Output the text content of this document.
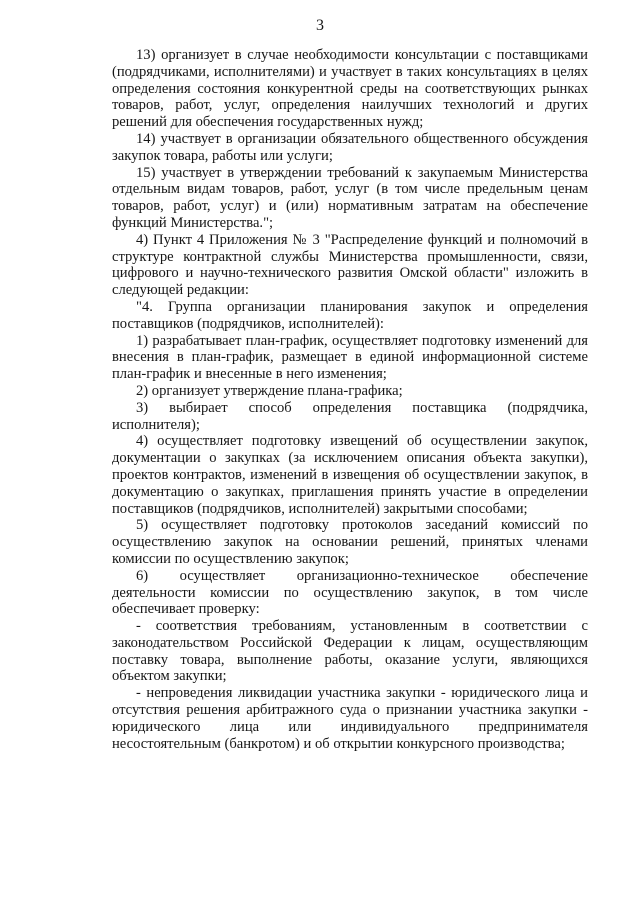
3

13) организует в случае необходимости консультации с поставщиками (подрядчиками, исполнителями) и участвует в таких консультациях в целях определения состояния конкурентной среды на соответствующих рынках товаров, работ, услуг, определения наилучших технологий и других решений для обеспечения государственных нужд;

14) участвует в организации обязательного общественного обсуждения закупок товара, работы или услуги;

15) участвует в утверждении требований к закупаемым Министерства отдельным видам товаров, работ, услуг (в том числе предельным ценам товаров, работ, услуг) и (или) нормативным затратам на обеспечение функций Министерства.";

4) Пункт 4 Приложения № 3 "Распределение функций и полномочий в структуре контрактной службы Министерства промышленности, связи, цифрового и научно-технического развития Омской области" изложить в следующей редакции:

"4. Группа организации планирования закупок и определения поставщиков (подрядчиков, исполнителей):

1) разрабатывает план-график, осуществляет подготовку изменений для внесения в план-график, размещает в единой информационной системе план-график и внесенные в него изменения;

2) организует утверждение плана-графика;

3) выбирает способ определения поставщика (подрядчика, исполнителя);

4) осуществляет подготовку извещений об осуществлении закупок, документации о закупках (за исключением описания объекта закупки), проектов контрактов, изменений в извещения об осуществлении закупок, в документацию о закупках, приглашения принять участие в определении поставщиков (подрядчиков, исполнителей) закрытыми способами;

5) осуществляет подготовку протоколов заседаний комиссий по осуществлению закупок на основании решений, принятых членами комиссии по осуществлению закупок;

6) осуществляет организационно-техническое обеспечение деятельности комиссии по осуществлению закупок, в том числе обеспечивает проверку:

- соответствия требованиям, установленным в соответствии с законодательством Российской Федерации к лицам, осуществляющим поставку товара, выполнение работы, оказание услуги, являющихся объектом закупки;

- непроведения ликвидации участника закупки - юридического лица и отсутствия решения арбитражного суда о признании участника закупки - юридического лица или индивидуального предпринимателя несостоятельным (банкротом) и об открытии конкурсного производства;
